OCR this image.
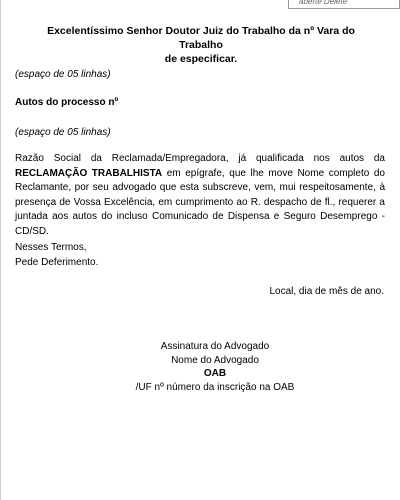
aberte Delete
Excelentíssimo Senhor Doutor Juiz do Trabalho da nº Vara do Trabalho
de especificar.
(espaço de 05 linhas)
Autos do processo nº
(espaço de 05 linhas)
Razão Social da Reclamada/Empregadora, já qualificada nos autos da RECLAMAÇÃO TRABALHISTA em epígrafe, que lhe move Nome completo do Reclamante, por seu advogado que esta subscreve, vem, mui respeitosamente, à presença de Vossa Excelência, em cumprimento ao R. despacho de fl., requerer a juntada aos autos do incluso Comunicado de Dispensa e Seguro Desemprego - CD/SD.
Nesses Termos,
Pede Deferimento.
Local, dia de mês de ano.
Assinatura do Advogado
Nome do Advogado
OAB
/UF nº número da inscrição na OAB
